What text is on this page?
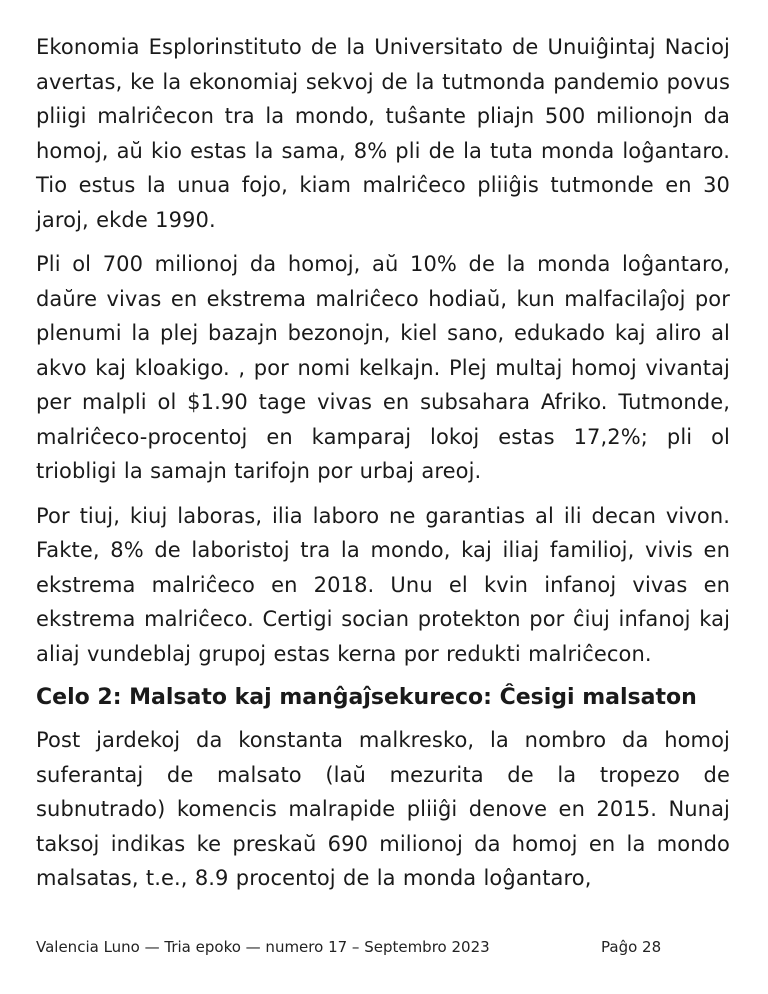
Ekonomia Esplorinstituto de la Universitato de Unuiĝintaj Nacioj avertas, ke la ekonomiaj sekvoj de la tutmonda pandemio povus pliigi malriĉecon tra la mondo, tuŝante pliajn 500 milionojn da homoj, aŭ kio estas la sama, 8% pli de la tuta monda loĝantaro. Tio estus la unua fojo, kiam malriĉeco pliiĝis tutmonde en 30 jaroj, ekde 1990.

Pli ol 700 milionoj da homoj, aŭ 10% de la monda loĝantaro, daŭre vivas en ekstrema malriĉeco hodiaŭ, kun malfacilaĵoj por plenumi la plej bazajn bezonojn, kiel sano, edukado kaj aliro al akvo kaj kloakigo. , por nomi kelkajn. Plej multaj homoj vivantaj per malpli ol $1.90 tage vivas en subsahara Afriko. Tutmonde, malriĉeco-procentoj en kamparaj lokoj estas 17,2%; pli ol triobligi la samajn tarifojn por urbaj areoj.

Por tiuj, kiuj laboras, ilia laboro ne garantias al ili decan vivon. Fakte, 8% de laboristoj tra la mondo, kaj iliaj familioj, vivis en ekstrema malriĉeco en 2018. Unu el kvin infanoj vivas en ekstrema malriĉeco. Certigi socian protekton por ĉiuj infanoj kaj aliaj vundeblaj grupoj estas kerna por redukti malriĉecon.

Celo 2: Malsato kaj manĝaĵsekureco: Ĉesigi malsaton

Post jardekoj da konstanta malkresko, la nombro da homoj suferantaj de malsato (laŭ mezurita de la tropezo de subnutrado) komencis malrapide pliiĝi denove en 2015. Nunaj taksoj indikas ke preskaŭ 690 milionoj da homoj en la mondo malsatas, t.e., 8.9 procentoj de la monda loĝantaro,

Valencia Luno — Tria epoko — numero 17 – Septembro 2023	Paĝo 28
